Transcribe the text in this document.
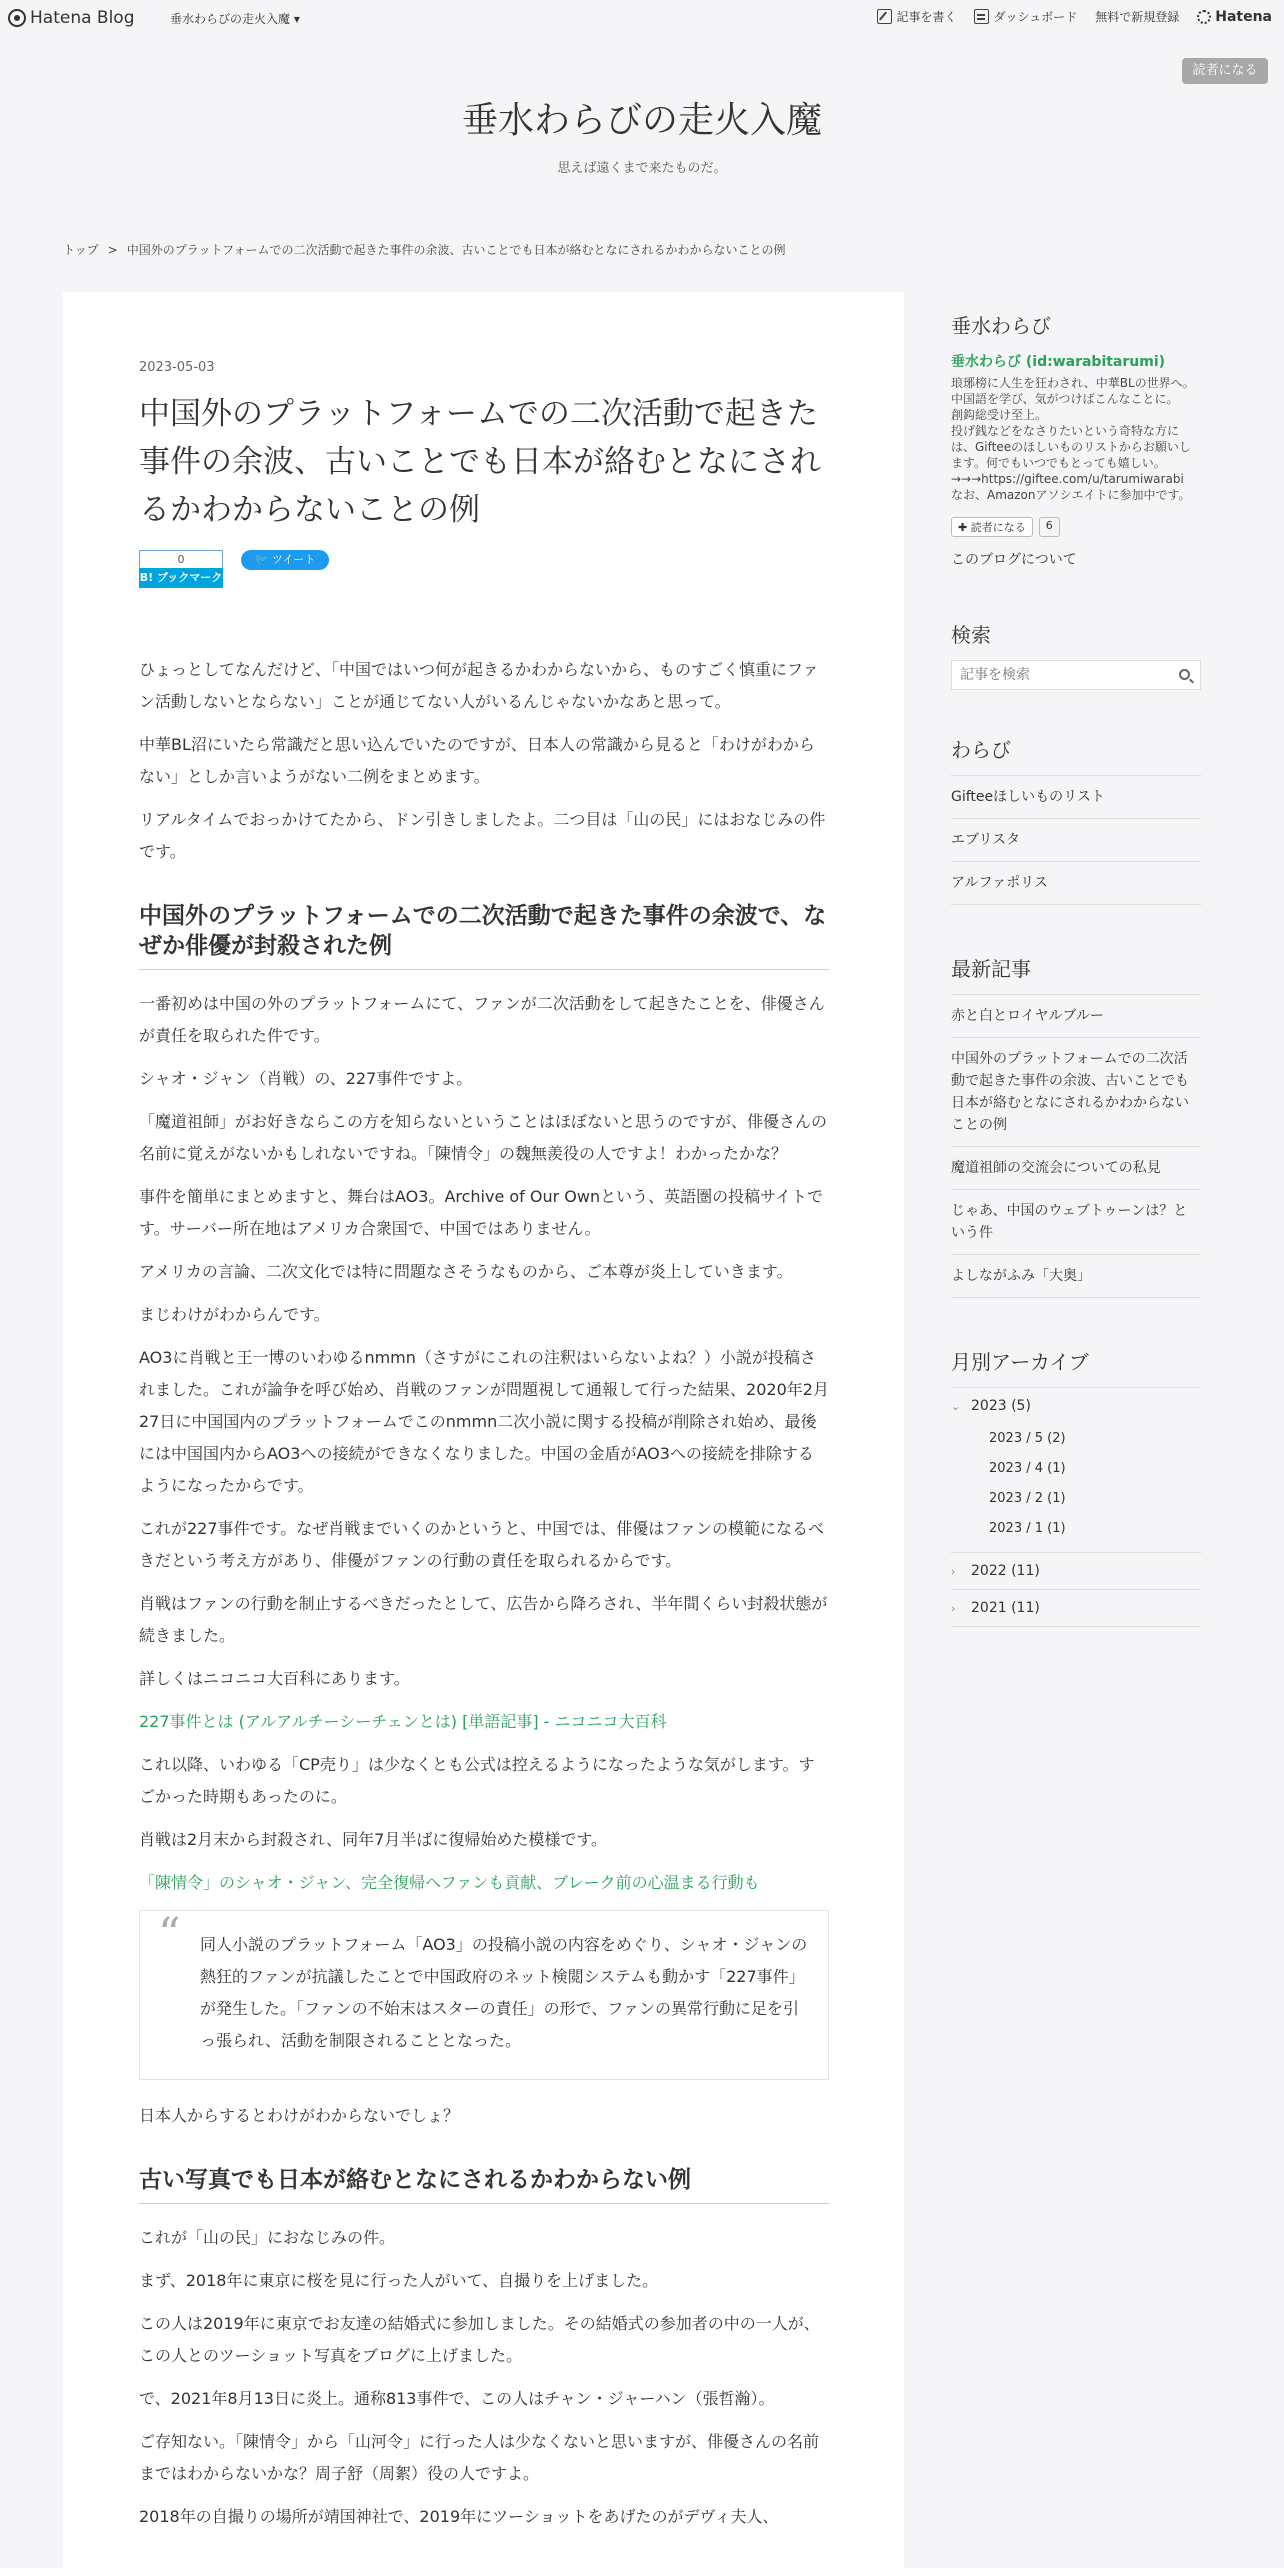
Hatena Blog	垂水わらびの走火入魔 ▾	記事を書く	ダッシュボード 無料で新規登録	Hatena
読者になる
垂水わらびの走火入魔
思えば遠くまで来たものだ。
トップ > 中国外のプラットフォームでの二次活動で起きた事件の余波、古いことでも日本が絡むとなにされるかわからないことの例
2023-05-03
中国外のプラットフォームでの二次活動で起きた事件の余波、古いことでも日本が絡むとなにされるかわからないことの例
0
B! ブックマーク
🐦 ツイート

ひょっとしてなんだけど、「中国ではいつ何が起きるかわからないから、ものすごく慎重にファン活動しないとならない」ことが通じてない人がいるんじゃないかなあと思って。

中華BL沼にいたら常識だと思い込んでいたのですが、日本人の常識から見ると「わけがわからない」としか言いようがない二例をまとめます。

リアルタイムでおっかけてたから、ドン引きしましたよ。二つ目は「山の民」にはおなじみの件です。

中国外のプラットフォームでの二次活動で起きた事件の余波で、なぜか俳優が封殺された例

一番初めは中国の外のプラットフォームにて、ファンが二次活動をして起きたことを、俳優さん が責任を取られた件です。

シャオ・ジャン（肖戦）の、227事件ですよ。

「魔道祖師」がお好きならこの方を知らないということはほぼないと思うのですが、俳優さんの名前に覚えがないかもしれないですね。「陳情令」の魏無羨役の人ですよ！わかったかな？

事件を簡単にまとめますと、舞台はAO3。Archive of Our Ownという、英語圏の投稿サイトです。サーバー所在地はアメリカ合衆国で、中国ではありません。

アメリカの言論、二次文化では特に問題なさそうなものから、ご本尊が炎上していきます。

まじわけがわからんです。

AO3に肖戦と王一博のいわゆるnmmn（さすがにこれの注釈はいらないよね？）小説が投稿されました。これが論争を呼び始め、肖戦のファンが問題視して通報して行った結果、2020年2月27日に中国国内のプラットフォームでこのnmmn二次小説に関する投稿が削除され始め、最後には中国国内からAO3への接続ができなくなりました。中国の金盾がAO3への接続を排除するようになったからです。

これが227事件です。なぜ肖戦までいくのかというと、中国では、俳優はファンの模範になるべきだという考え方があり、俳優がファンの行動の責任を取られるからです。

肖戦はファンの行動を制止するべきだったとして、広告から降ろされ、半年間くらい封殺状態が続きました。

詳しくはニコニコ大百科にあります。

227事件とは (アルアルチーシーチェンとは) [単語記事] - ニコニコ大百科

これ以降、いわゆる「CP売り」は少なくとも公式は控えるようになったような気がします。すごかった時期もあったのに。

肖戦は2月末から封殺され、同年7月半ばに復帰始めた模様です。

「陳情令」のシャオ・ジャン、完全復帰へファンも貢献、ブレーク前の心温まる行動も

“ 同人小説のプラットフォーム「AO3」の投稿小説の内容をめぐり、シャオ・ジャンの熱狂的ファンが抗議したことで中国政府のネット検閲システムも動かす「227事件」が発生した。「ファンの不始末はスターの責任」の形で、ファンの異常行動に足を引っ張られ、活動を制限されることとなった。

日本人からするとわけがわからないでしょ？

古い写真でも日本が絡むとなにされるかわからない例

これが「山の民」におなじみの件。

まず、2018年に東京に桜を見に行った人がいて、自撮りを上げました。

この人は2019年に東京でお友達の結婚式に参加しました。その結婚式の参加者の中の一人が、この人とのツーショット写真をブログに上げました。

で、2021年8月13日に炎上。通称813事件で、この人はチャン・ジャーハン（張哲瀚）。

ご存知ない。「陳情令」から「山河令」に行った人は少なくないと思いますが、俳優さんの名前まではわからないかな？周子舒（周絮）役の人ですよ。

2018年の自撮りの場所が靖国神社で、2019年にツーショットをあげたのがデヴィ夫人、

垂水わらび
垂水わらび (id:warabitarumi)
琅琊榜に人生を狂わされ、中華BLの世界へ。中国語を学び、気がつけばこんなことに。
創鈎総受け至上。
投げ銭などをなさりたいという奇特な方には、Gifteeのほしいものリストからお願いします。何でもいつでもとっても嬉しい。
→→→https://giftee.com/u/tarumiwarabi
なお、Amazonアソシエイトに参加中です。
✚ 読者になる	6
このブログについて
検索
記事を検索
わらび
Gifteeほしいものリスト
エブリスタ
アルファポリス
最新記事
赤と白とロイヤルブルー
中国外のプラットフォームでの二次活動で起きた事件の余波、古いことでも日本が絡むとなにされるかわからないことの例
魔道祖師の交流会についての私見
じゃあ、中国のウェブトゥーンは？という件
よしながふみ「大奥」
月別アーカイブ
⌄ 2023 (5)
2023 / 5 (2)
2023 / 4 (1)
2023 / 2 (1)
2023 / 1 (1)
›	2022 (11)
›	2021 (11)
